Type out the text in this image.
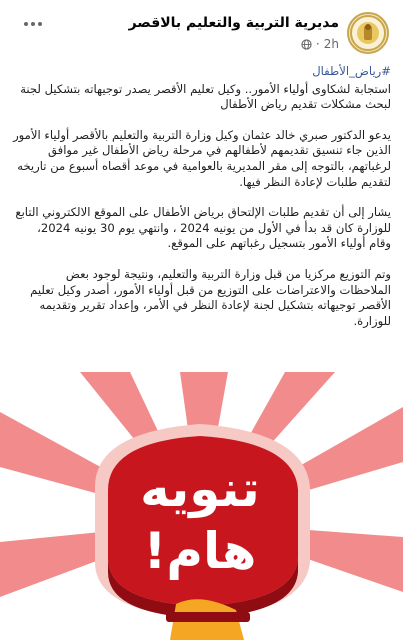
مديرية التربية والتعليم بالاقصر
2h
·

#رياض_الأطفال

استجابة لشكاوى أولياء الأمور.. وكيل تعليم الأقصر يصدر توجيهاته بتشكيل لجنة لبحث مشكلات تقديم رياض الأطفال

يدعو الدكتور صبري خالد عثمان وكيل وزارة التربية والتعليم بالأقصر أولياء الأمور الذين جاء تنسيق تقديمهم لأطفالهم في مرحلة رياض الأطفال غير موافق لرغباتهم، بالتوجه إلى مقر المديرية بالعوامية في موعد أقصاه أسبوع من تاريخه لتقديم طلبات لإعادة النظر فيها.

يشار إلى أن تقديم طلبات الإلتحاق برياض الأطفال على الموقع الالكتروني التابع للوزارة كان قد بدأ في الأول من يونيه 2024 ، وانتهي يوم 30 يونيه 2024، وقام أولياء الأمور بتسجيل رغباتهم على الموقع.

وتم التوزيع مركزيا من قبل وزارة التربية والتعليم، ونتيجة لوجود بعض الملاحظات والاعتراضات على التوزيع من قبل أولياء الأمور، أصدر وكيل تعليم الأقصر توجيهاته بتشكيل لجنة لإعادة النظر في الأمر، وإعداد تقرير وتقديمه للوزارة.

تنويه
هام!
